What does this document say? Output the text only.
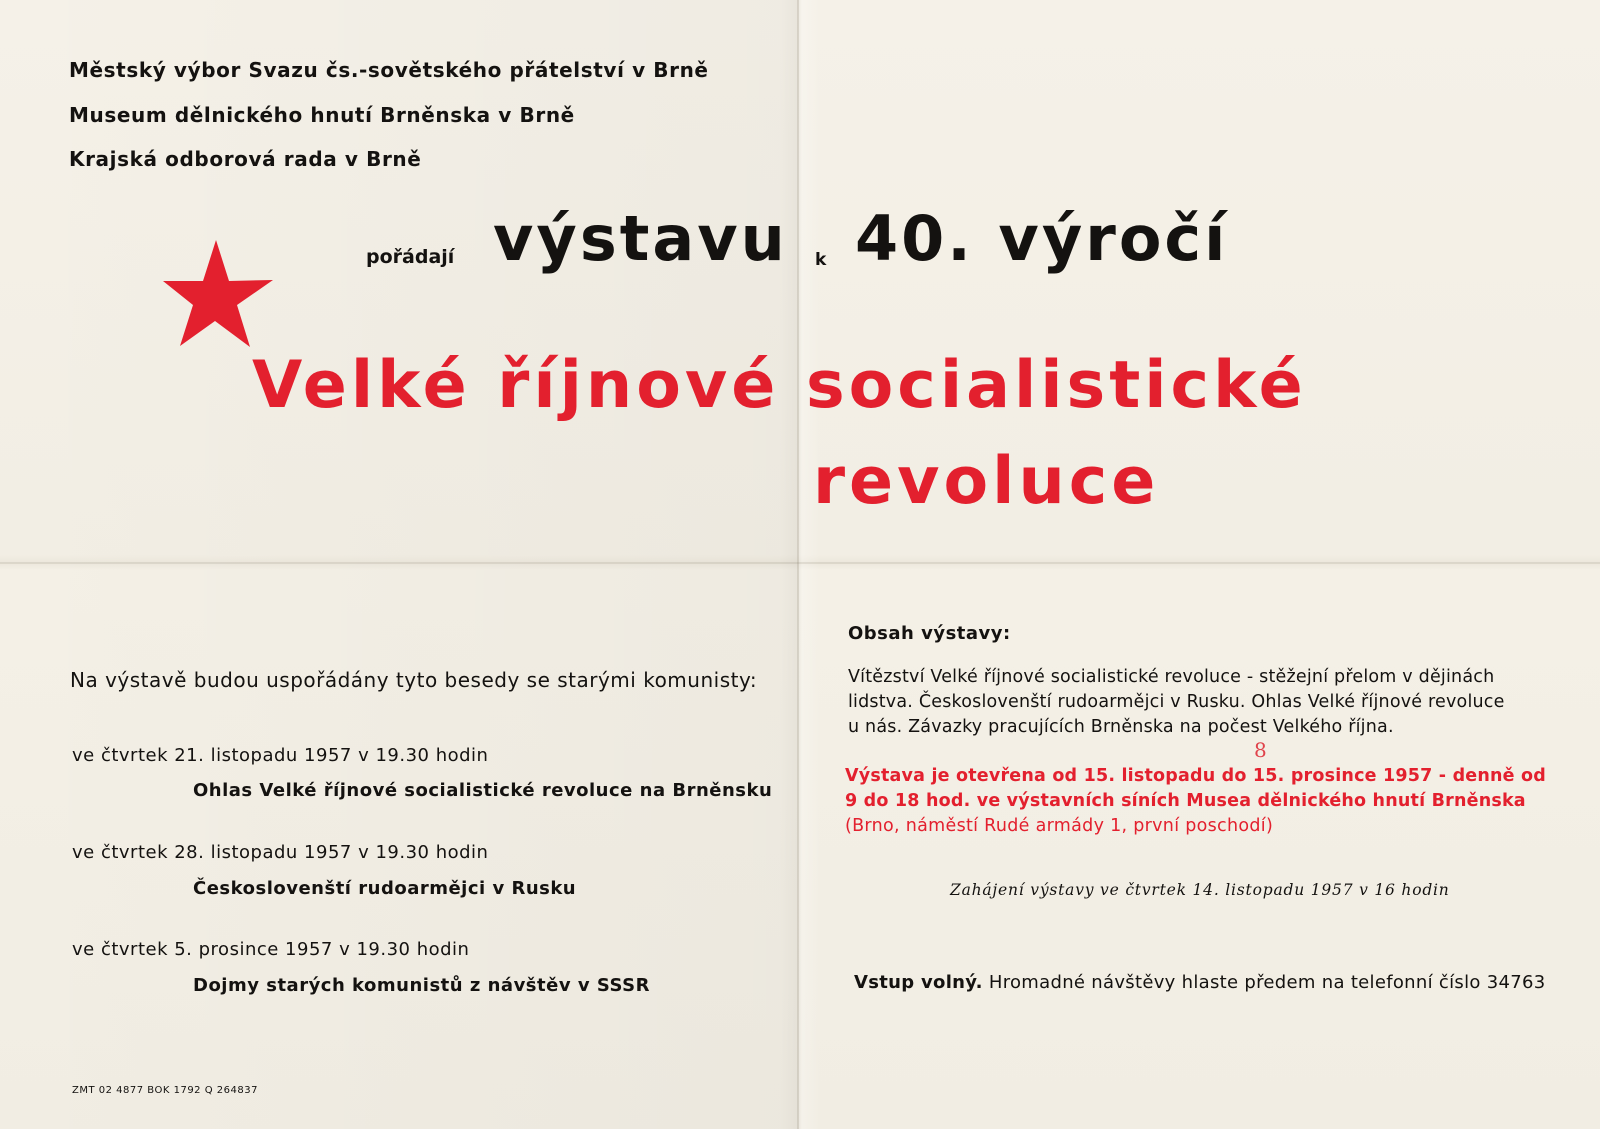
Městský výbor Svazu čs.-sovětského přátelství v Brně

Museum dělnického hnutí Brněnska v Brně

Krajská odborová rada v Brně

pořádají výstavu k 40. výročí

Velké říjnové socialistické

revoluce

Na výstavě budou uspořádány tyto besedy se starými komunisty:

ve čtvrtek 21. listopadu 1957 v 19.30 hodin

Ohlas Velké říjnové socialistické revoluce na Brněnsku

ve čtvrtek 28. listopadu 1957 v 19.30 hodin

Českoslovenští rudoarmějci v Rusku

ve čtvrtek 5. prosince 1957 v 19.30 hodin

Dojmy starých komunistů z návštěv v SSSR

Obsah výstavy:

Vítězství Velké říjnové socialistické revoluce - stěžejní přelom v dějinách

lidstva. Českoslovenští rudoarmějci v Rusku. Ohlas Velké říjnové revoluce

u nás. Závazky pracujících Brněnska na počest Velkého října.

8

Výstava je otevřena od 15. listopadu do 15. prosince 1957 - denně od

9 do 18 hod. ve výstavních síních Musea dělnického hnutí Brněnska

(Brno, náměstí Rudé armády 1, první poschodí)

Zahájení výstavy ve čtvrtek 14. listopadu 1957 v 16 hodin

Vstup volný. Hromadné návštěvy hlaste předem na telefonní číslo 34763

ZMT 02 4877 BOK 1792 Q 264837
